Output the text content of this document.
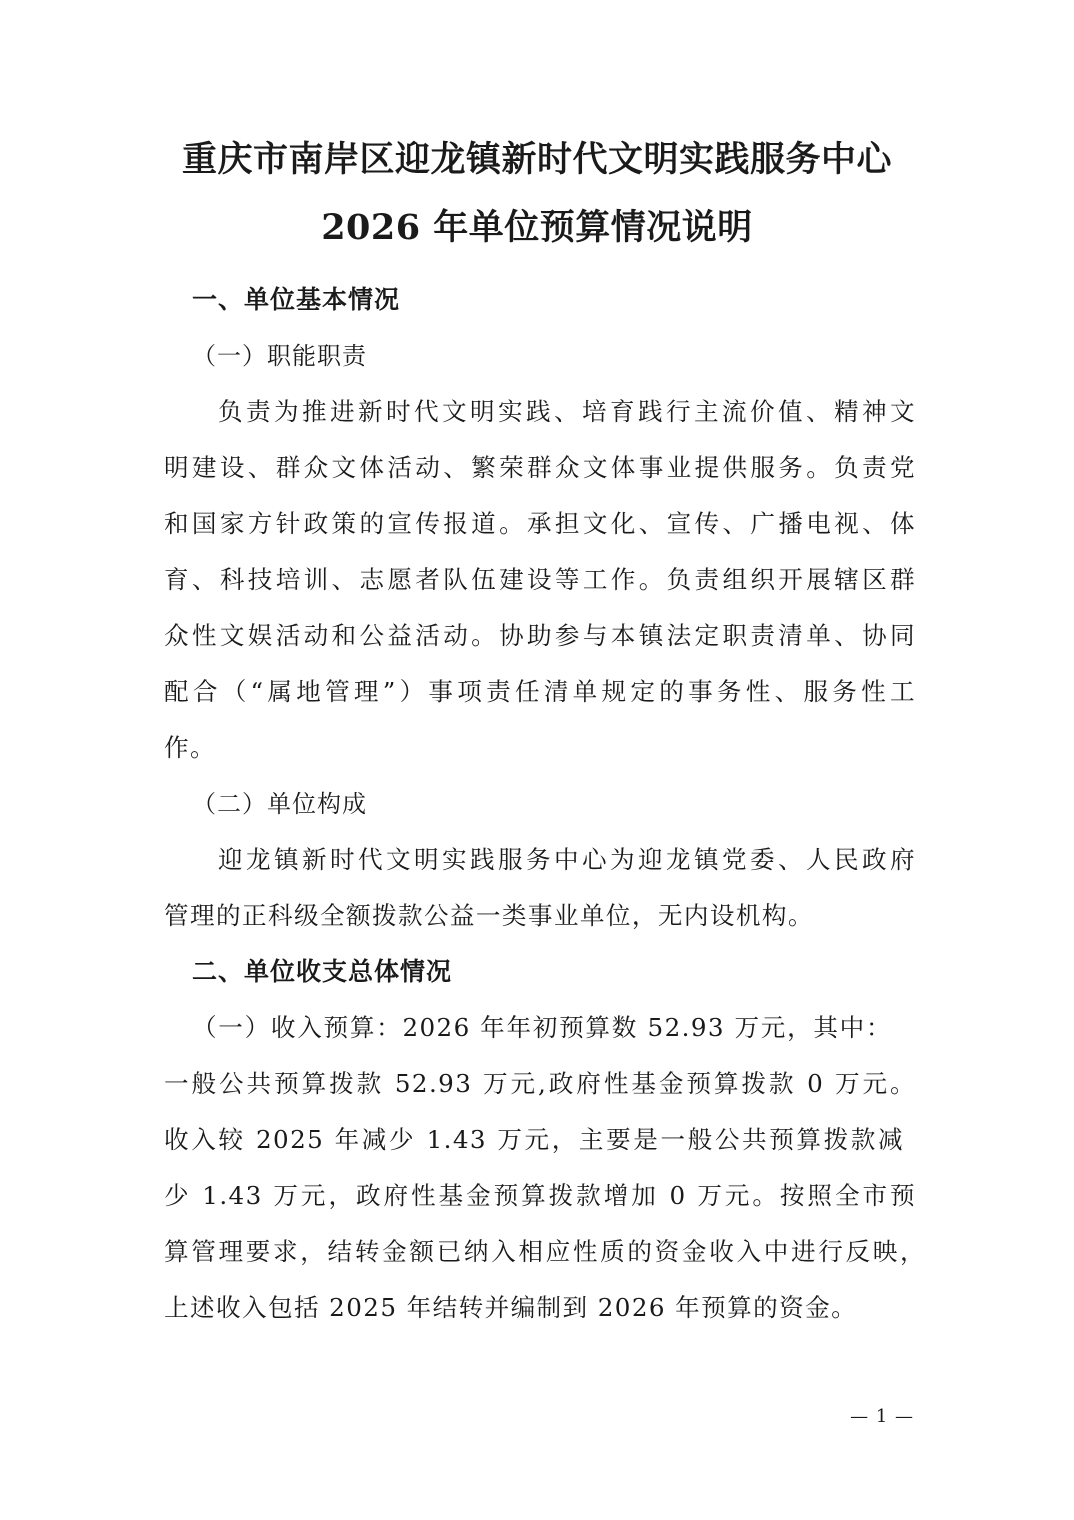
重庆市南岸区迎龙镇新时代文明实践服务中心
2026 年单位预算情况说明
一、单位基本情况
（一）职能职责
负责为推进新时代文明实践、培育践行主流价值、精神文
明建设、群众文体活动、繁荣群众文体事业提供服务。负责党
和国家方针政策的宣传报道。承担文化、宣传、广播电视、体
育、科技培训、志愿者队伍建设等工作。负责组织开展辖区群
众性文娱活动和公益活动。协助参与本镇法定职责清单、协同
配合（“属地管理”）事项责任清单规定的事务性、服务性工
作。
（二）单位构成
迎龙镇新时代文明实践服务中心为迎龙镇党委、人民政府
管理的正科级全额拨款公益一类事业单位，无内设机构。
二、单位收支总体情况
（一）收入预算：2026 年年初预算数 52.93 万元，其中：
一般公共预算拨款 52.93 万元,政府性基金预算拨款 0 万元。
收入较 2025 年减少 1.43 万元，主要是一般公共预算拨款减
少 1.43 万元，政府性基金预算拨款增加 0 万元。按照全市预
算管理要求，结转金额已纳入相应性质的资金收入中进行反映，
上述收入包括 2025 年结转并编制到 2026 年预算的资金。
— 1 —
